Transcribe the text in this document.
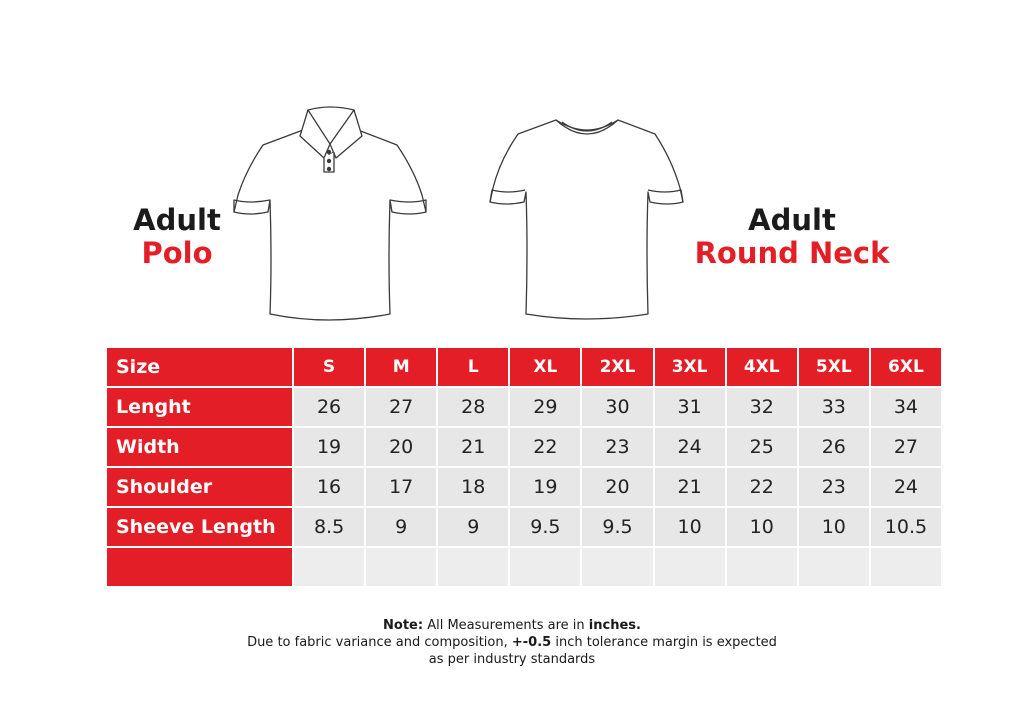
Adult
Polo
Adult
Round Neck
Size	S	M	L	XL	2XL	3XL	4XL	5XL	6XL
Lenght	26	27	28	29	30	31	32	33	34
Width	19	20	21	22	23	24	25	26	27
Shoulder	16	17	18	19	20	21	22	23	24
Sheeve Length	8.5	9	9	9.5	9.5	10	10	10	10.5

Note: All Measurements are in inches.
Due to fabric variance and composition, +-0.5 inch tolerance margin is expected
as per industry standards
